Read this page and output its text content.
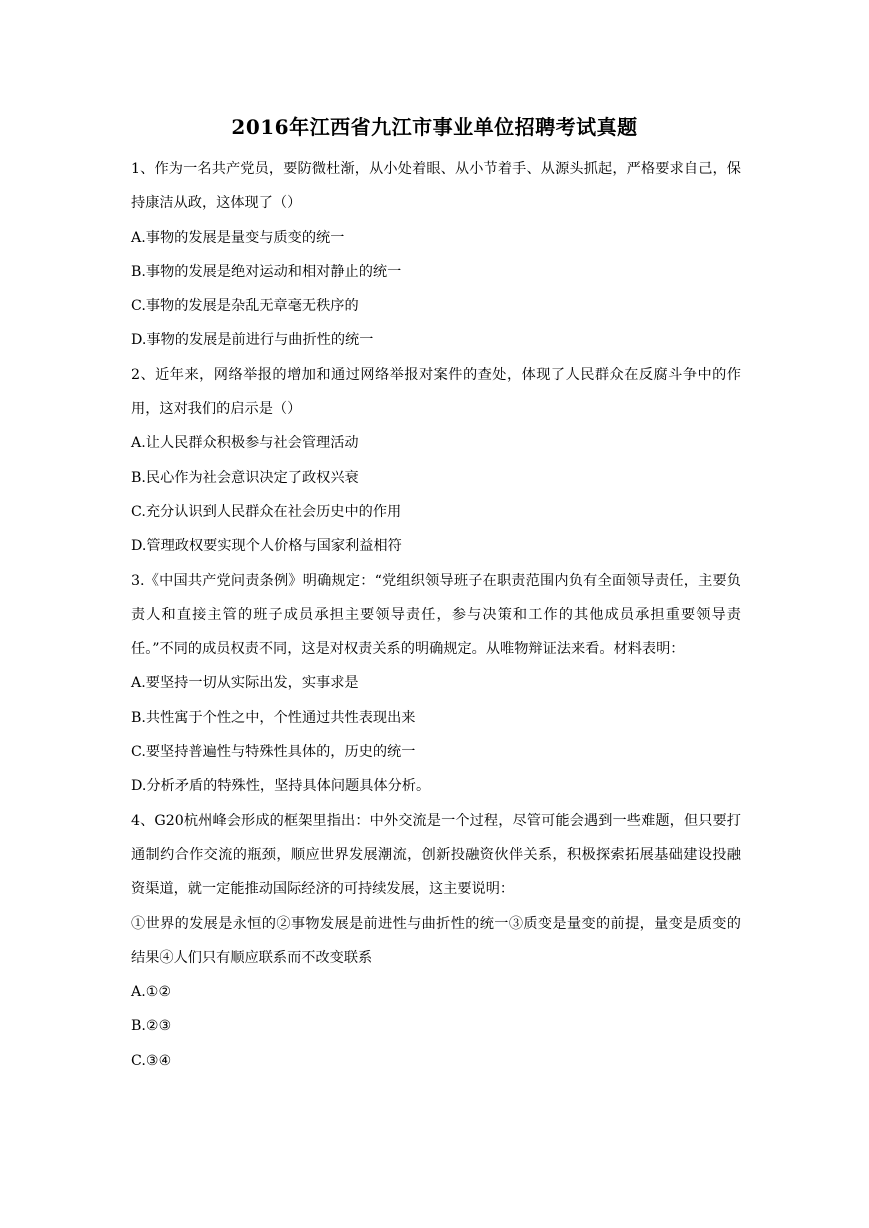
2016年江西省九江市事业单位招聘考试真题

1、作为一名共产党员，要防微杜渐，从小处着眼、从小节着手、从源头抓起，严格要求自己，保持康洁从政，这体现了（）

A.事物的发展是量变与质变的统一

B.事物的发展是绝对运动和相对静止的统一

C.事物的发展是杂乱无章毫无秩序的

D.事物的发展是前进行与曲折性的统一

2、近年来，网络举报的增加和通过网络举报对案件的查处，体现了人民群众在反腐斗争中的作用，这对我们的启示是（）

A.让人民群众积极参与社会管理活动

B.民心作为社会意识决定了政权兴衰

C.充分认识到人民群众在社会历史中的作用

D.管理政权要实现个人价格与国家利益相符

3.《中国共产党问责条例》明确规定：“党组织领导班子在职责范围内负有全面领导责任，主要负责人和直接主管的班子成员承担主要领导责任，参与决策和工作的其他成员承担重要领导责任。”不同的成员权责不同，这是对权责关系的明确规定。从唯物辩证法来看。材料表明：

A.要坚持一切从实际出发，实事求是

B.共性寓于个性之中，个性通过共性表现出来

C.要坚持普遍性与特殊性具体的，历史的统一

D.分析矛盾的特殊性，坚持具体问题具体分析。

4、G20杭州峰会形成的框架里指出：中外交流是一个过程，尽管可能会遇到一些难题，但只要打通制约合作交流的瓶颈，顺应世界发展潮流，创新投融资伙伴关系，积极探索拓展基础建设投融资渠道，就一定能推动国际经济的可持续发展，这主要说明：

①世界的发展是永恒的②事物发展是前进性与曲折性的统一③质变是量变的前提，量变是质变的结果④人们只有顺应联系而不改变联系

A.①②

B.②③

C.③④
